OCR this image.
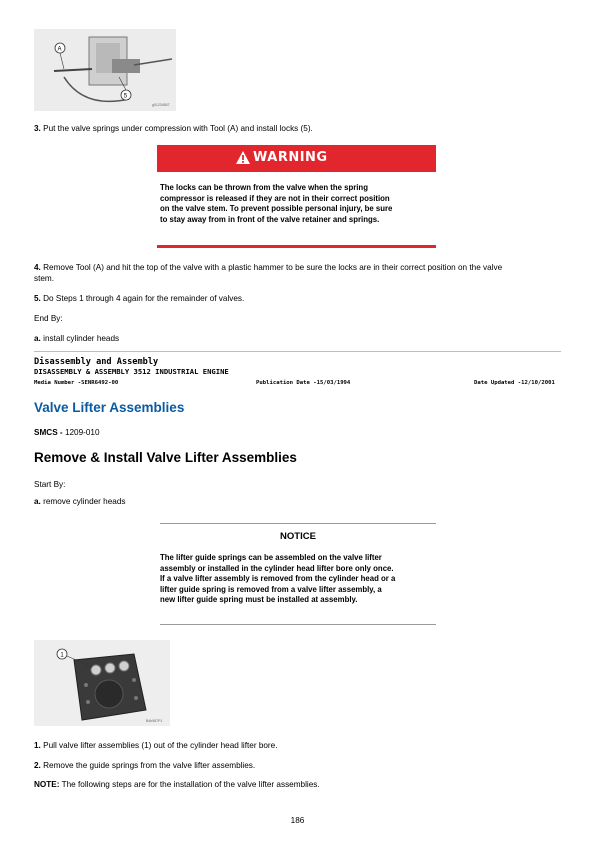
A
5
g01234567
3. Put the valve springs under compression with Tool (A) and install locks (5).
WARNING
The locks can be thrown from the valve when the spring
compressor is released if they are not in their correct position
on the valve stem. To prevent possible personal injury, be sure
to stay away from in front of the valve retainer and springs.
4. Remove Tool (A) and hit the top of the valve with a plastic hammer to be sure the locks are in their correct position on the valve
stem.
5. Do Steps 1 through 4 again for the remainder of valves.
End By:
a. install cylinder heads
Disassembly and Assembly
DISASSEMBLY & ASSEMBLY 3512 INDUSTRIAL ENGINE
Media Number -SENR6492-00	Publication Date -15/03/1994	Date Updated -12/10/2001
Valve Lifter Assemblies
SMCS - 1209-010
Remove & Install Valve Lifter Assemblies
Start By:
a. remove cylinder heads
NOTICE
The lifter guide springs can be assembled on the valve lifter
assembly or installed in the cylinder head lifter bore only once.
If a valve lifter assembly is removed from the cylinder head or a
lifter guide spring is removed from a valve lifter assembly, a
new lifter guide spring must be installed at assembly.
1
B4h987P1
1. Pull valve lifter assemblies (1) out of the cylinder head lifter bore.
2. Remove the guide springs from the valve lifter assemblies.
NOTE: The following steps are for the installation of the valve lifter assemblies.
186
